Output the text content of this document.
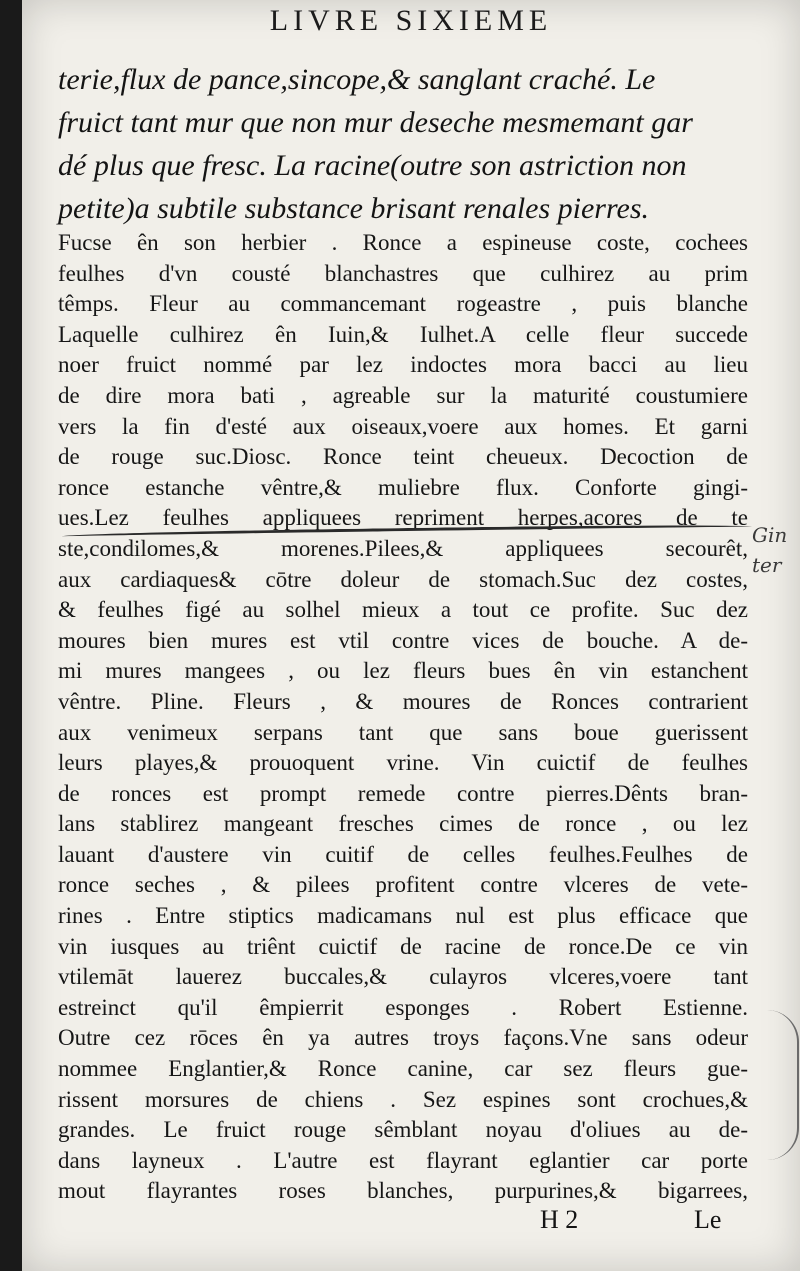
LIVRE SIXIEME
terie,flux de pance,sincope,& sanglant craché. Le
fruict tant mur que non mur deseche mesmemant gar
dé plus que fresc. La racine(outre son astriction non
petite)a subtile substance brisant renales pierres.
Fucse ên son herbier . Ronce a espineuse coste, cochees
feulhes d'vn cousté blanchastres que culhirez au prim
têmps. Fleur au commancemant rogeastre , puis blanche
Laquelle culhirez ên Iuin,& Iulhet.A celle fleur succede
noer fruict nommé par lez indoctes mora bacci au lieu
de dire mora bati , agreable sur la maturité coustumiere
vers la fin d'esté aux oiseaux,voere aux homes. Et garni
de rouge suc.Diosc. Ronce teint cheueux. Decoction de
ronce estanche vêntre,& muliebre flux. Conforte gingi-
ues.Lez feulhes appliquees repriment herpes,acores de te
ste,condilomes,& morenes.Pilees,& appliquees secourêt,
aux cardiaques& cōtre doleur de stomach.Suc dez costes,
& feulhes figé au solhel mieux a tout ce profite. Suc dez
moures bien mures est vtil contre vices de bouche. A de-
mi mures mangees , ou lez fleurs bues ên vin estanchent
vêntre. Pline. Fleurs , & moures de Ronces contrarient
aux venimeux serpans tant que sans boue guerissent
leurs playes,& prouoquent vrine. Vin cuictif de feulhes
de ronces est prompt remede contre pierres.Dênts bran-
lans stablirez mangeant fresches cimes de ronce , ou lez
lauant d'austere vin cuitif de celles feulhes.Feulhes de
ronce seches , & pilees profitent contre vlceres de vete-
rines . Entre stiptics madicamans nul est plus efficace que
vin iusques au triênt cuictif de racine de ronce.De ce vin
vtilemāt lauerez buccales,& culayros vlceres,voere tant
estreinct qu'il êmpierrit esponges . Robert Estienne.
Outre cez rōces ên ya autres troys façons.Vne sans odeur
nommee Englantier,& Ronce canine, car sez fleurs gue-
rissent morsures de chiens . Sez espines sont crochues,&
grandes. Le fruict rouge sêmblant noyau d'oliues au de-
dans layneux . L'autre est flayrant eglantier car porte
mout flayrantes roses blanches, purpurines,& bigarrees,
Gin
ter
H 2	Le
